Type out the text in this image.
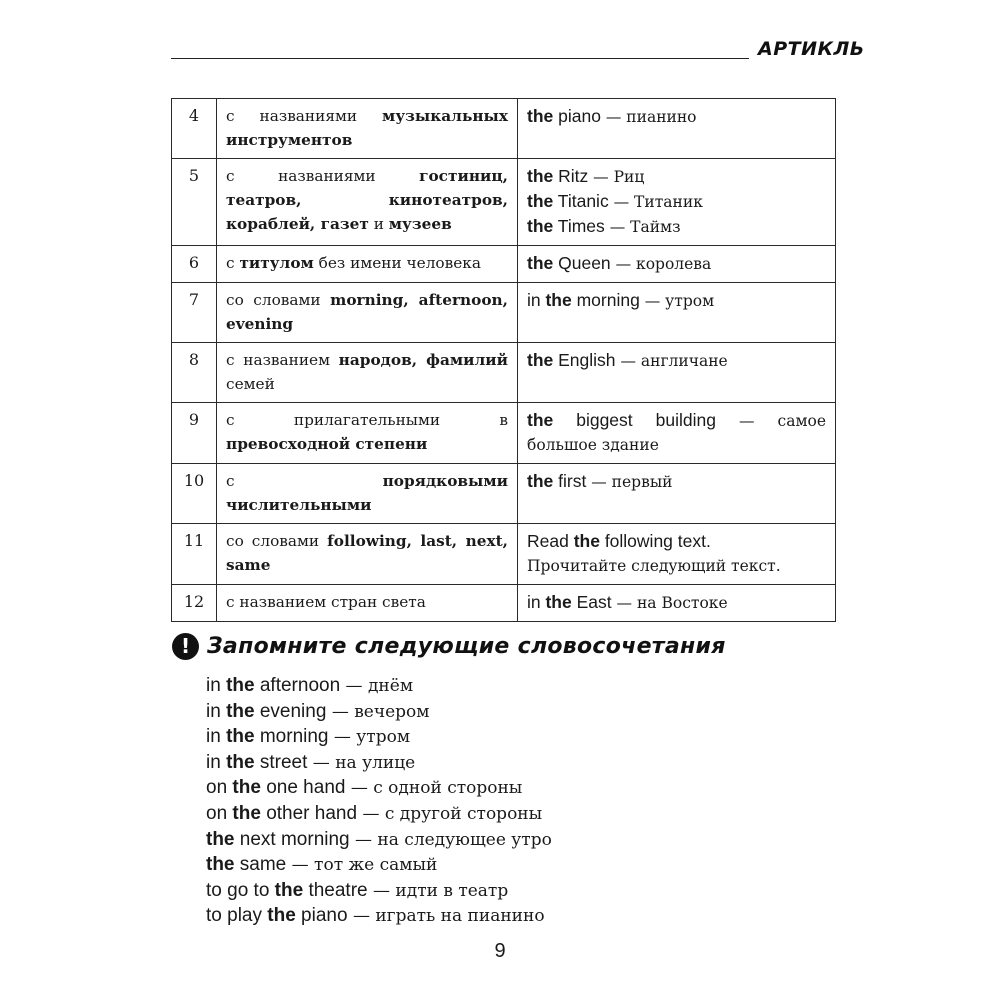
АРТИКЛЬ
4	с названиями музыкальных инструментов	the piano — пианино

5	с названиями гостиниц, театров, кинотеатров, кораблей, газет и музеев	the Ritz — Риц
the Titanic — Титаник
the Times — Таймз

6	с титулом без имени человека	the Queen — королева

7	со словами morning, afternoon, evening	in the morning — утром

8	с названием народов, фамилий семей	the English — англичане

9	с прилагательными в превосходной степени	the biggest building — самое большое здание

10	с порядковыми числительными	the first — первый

11	со словами following, last, next, same	Read the following text.
Прочитайте следующий текст.

12	с названием стран света	in the East — на Востоке
! Запомните следующие словосочетания
in the afternoon — днём
in the evening — вечером
in the morning — утром
in the street — на улице
on the one hand — с одной стороны
on the other hand — с другой стороны
the next morning — на следующее утро
the same — тот же самый
to go to the theatre — идти в театр
to play the piano — играть на пианино
9
